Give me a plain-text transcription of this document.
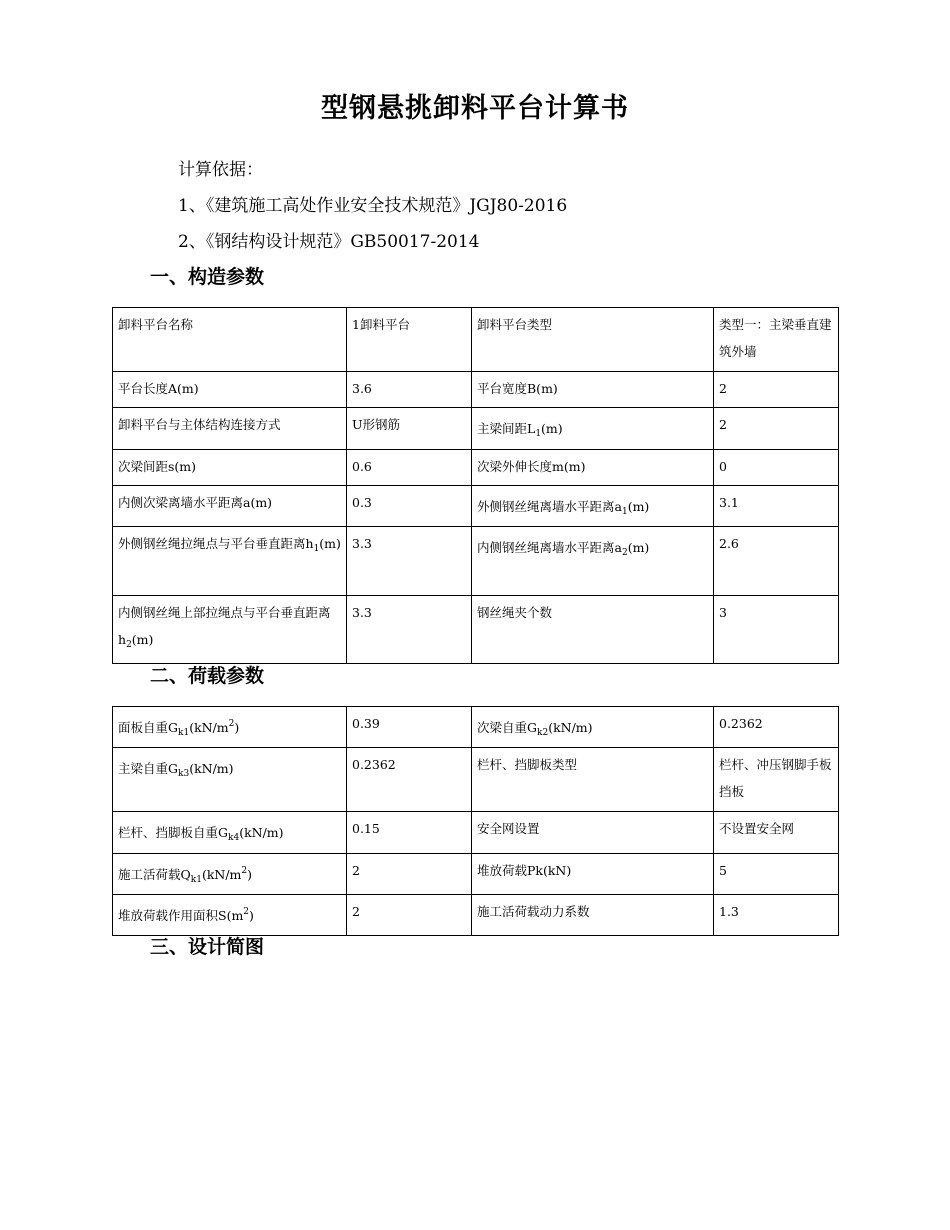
型钢悬挑卸料平台计算书
计算依据：
1、《建筑施工高处作业安全技术规范》JGJ80-2016
2、《钢结构设计规范》GB50017-2014
一、构造参数
卸料平台名称	1卸料平台	卸料平台类型	类型一：主梁垂直建筑外墙
平台长度A(m)	3.6	平台宽度B(m)	2
卸料平台与主体结构连接方式	U形钢筋	主梁间距$L_1(m)$	2
次梁间距s(m)	0.6	次梁外伸长度m(m)	0
内侧次梁离墙水平距离a(m)	0.3	外侧钢丝绳离墙水平距离$a_1(m)$	3.1
外侧钢丝绳拉绳点与平台垂直距离$h_1(m)$	3.3	内侧钢丝绳离墙水平距离$a_2(m)$	2.6
内侧钢丝绳上部拉绳点与平台垂直距离$h_2(m)$	3.3	钢丝绳夹个数	3
二、荷载参数
面板自重$G_{k1}(kN/m^2)$	0.39	次梁自重$G_{k2}(kN/m)$	0.2362
主梁自重$G_{k3}(kN/m)$	0.2362	栏杆、挡脚板类型	栏杆、冲压钢脚手板挡板
栏杆、挡脚板自重$G_{k4}(kN/m)$	0.15	安全网设置	不设置安全网
施工活荷载$Q_{k1}(kN/m^2)$	2	堆放荷载Pk(kN)	5
堆放荷载作用面积$S(m^2)$	2	施工活荷载动力系数	1.3
三、设计简图
